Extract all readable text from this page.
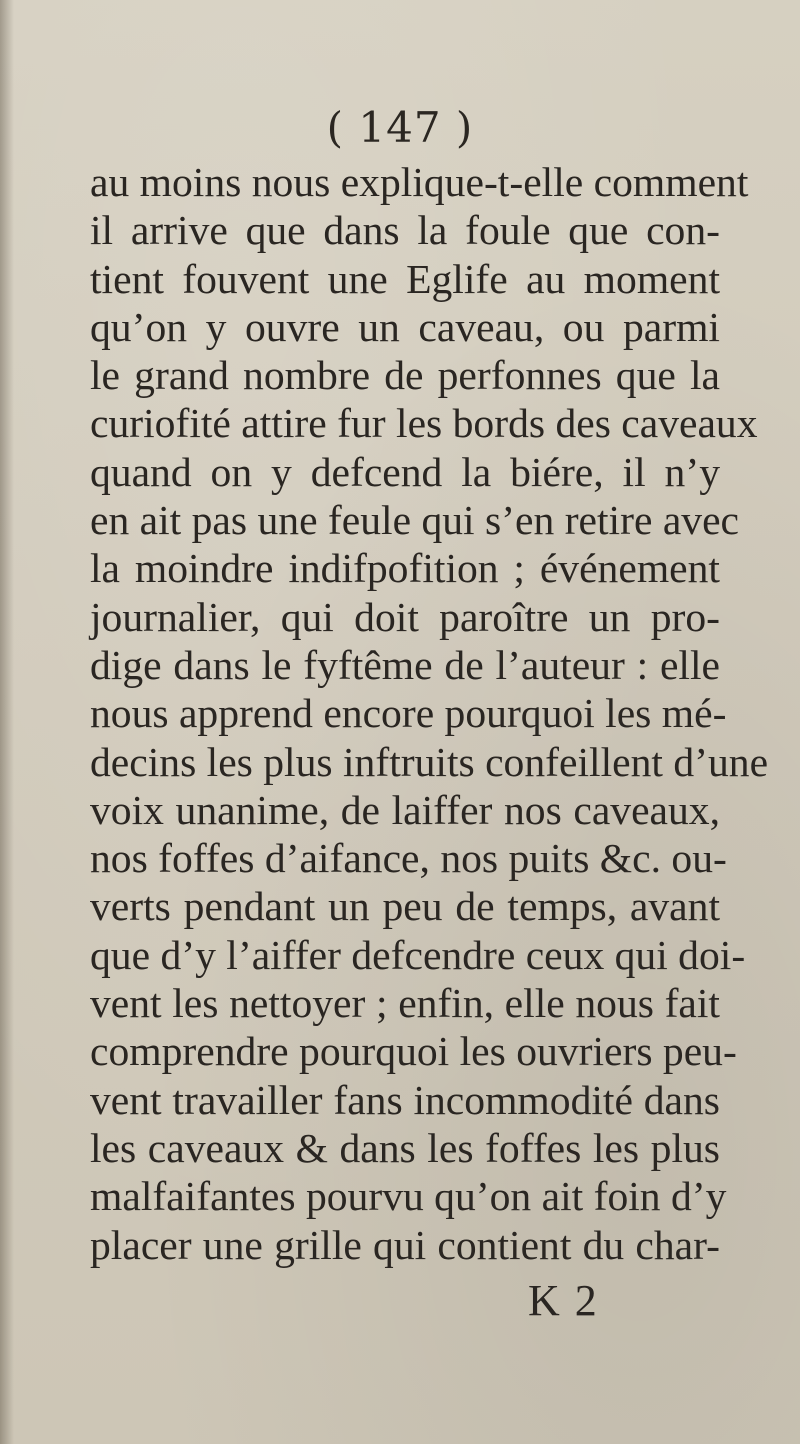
( 147 )
au moins nous explique-t-elle comment
il arrive que dans la foule que con-
tient fouvent une Eglife au moment
qu’on y ouvre un caveau, ou parmi
le grand nombre de perfonnes que la
curiofité attire fur les bords des caveaux
quand on y defcend la biére, il n’y
en ait pas une feule qui s’en retire avec
la moindre indifpofition ; événement
journalier, qui doit paroître un pro-
dige dans le fyftême de l’auteur : elle
nous apprend encore pourquoi les mé-
decins les plus inftruits confeillent d’une
voix unanime, de laiffer nos caveaux,
nos foffes d’aifance, nos puits &c. ou-
verts pendant un peu de temps, avant
que d’y l’aiffer defcendre ceux qui doi-
vent les nettoyer ; enfin, elle nous fait
comprendre pourquoi les ouvriers peu-
vent travailler fans incommodité dans
les caveaux & dans les foffes les plus
malfaifantes pourvu qu’on ait foin d’y
placer une grille qui contient du char-
K 2
